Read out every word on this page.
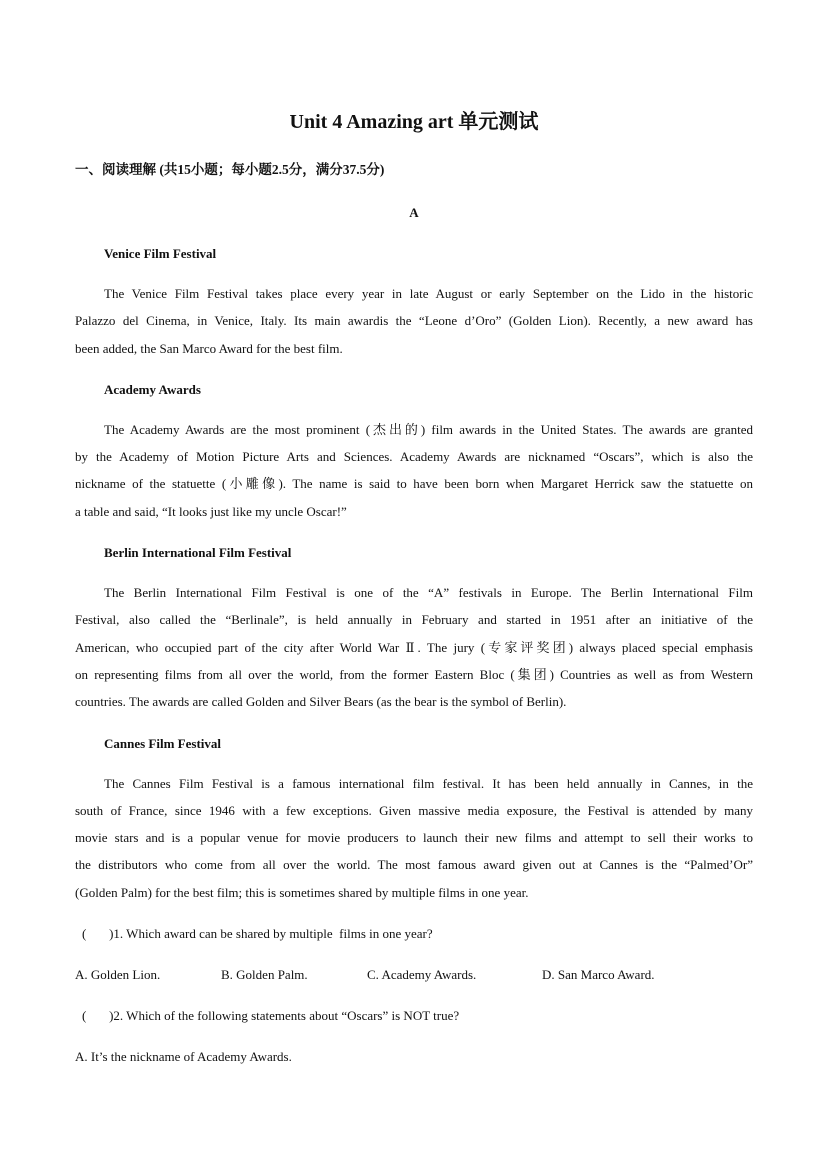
Unit 4 Amazing art 单元测试
一、阅读理解 (共15小题；每小题2.5分，满分37.5分)
A
Venice Film Festival
The Venice Film Festival takes place every year in late August or early September on the Lido in the historic
Palazzo del Cinema, in Venice, Italy. Its main awardis the “Leone d’Oro” (Golden Lion). Recently, a new award has
been added, the San Marco Award for the best film.
Academy Awards
The Academy Awards are the most prominent (杰出的) film awards in the United States. The awards are granted
by the Academy of Motion Picture Arts and Sciences. Academy Awards are nicknamed “Oscars”, which is also the
nickname of the statuette (小雕像). The name is said to have been born when Margaret Herrick saw the statuette on
a table and said, “It looks just like my uncle Oscar!”
Berlin International Film Festival
The Berlin International Film Festival is one of the “A” festivals in Europe. The Berlin International Film
Festival, also called the “Berlinale”, is held annually in February and started in 1951 after an initiative of the
American, who occupied part of the city after World War Ⅱ. The jury (专家评奖团) always placed special emphasis
on representing films from all over the world, from the former Eastern Bloc (集团) Countries as well as from Western
countries. The awards are called Golden and Silver Bears (as the bear is the symbol of Berlin).
Cannes Film Festival
The Cannes Film Festival is a famous international film festival. It has been held annually in Cannes, in the
south of France, since 1946 with a few exceptions. Given massive media exposure, the Festival is attended by many
movie stars and is a popular venue for movie producers to launch their new films and attempt to sell their works to
the distributors who come from all over the world. The most famous award given out at Cannes is the “Palmed’Or”
(Golden Palm) for the best film; this is sometimes shared by multiple films in one year.
(       )1. Which award can be shared by multiple  films in one year?
A. Golden Lion.	B. Golden Palm.	C. Academy Awards.	D. San Marco Award.
(       )2. Which of the following statements about “Oscars” is NOT true?
A. It’s the nickname of Academy Awards.
